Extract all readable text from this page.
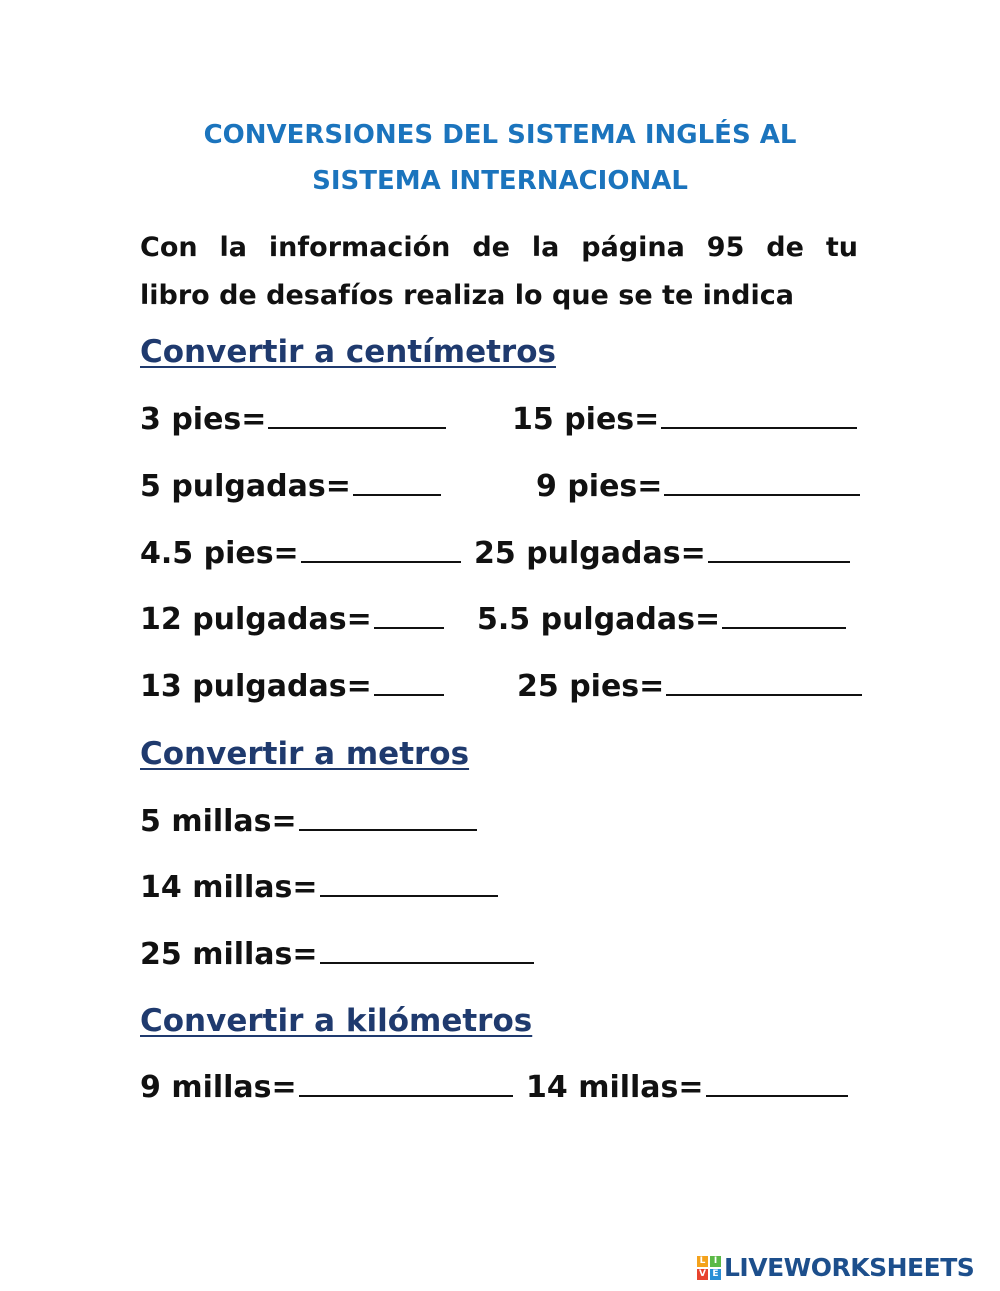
CONVERSIONES DEL SISTEMA INGLÉS AL
SISTEMA INTERNACIONAL
Con la información de la página 95 de tu
libro de desafíos realiza lo que se te indica
Convertir a centímetros
3 pies=	15 pies=
5 pulgadas=	9 pies=
4.5 pies=	25 pulgadas=
12 pulgadas=	5.5 pulgadas=
13 pulgadas=	25 pies=
Convertir a metros
5 millas=
14 millas=
25 millas=
Convertir a kilómetros
9 millas=	14 millas=
L I
V E LIVEWORKSHEETS
